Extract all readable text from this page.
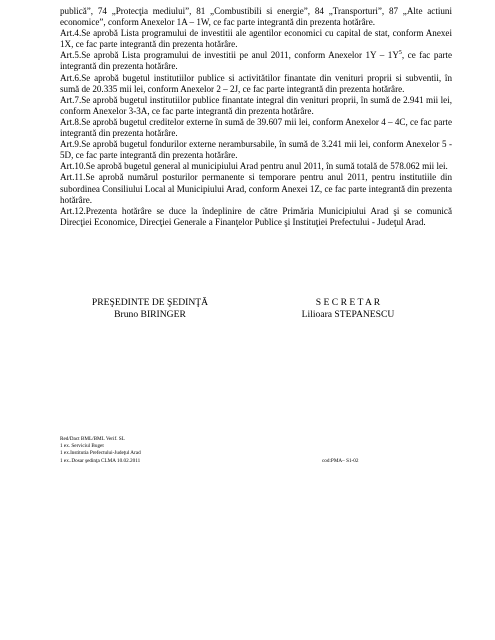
publică”, 74 „Protecţia mediului”, 81 „Combustibili si energie”, 84 „Transporturi”, 87 „Alte actiuni economice”, conform Anexelor 1A – 1W, ce fac parte integrantă din prezenta hotărâre.

Art.4.Se aprobă Lista programului de investitii ale agentilor economici cu capital de stat, conform Anexei 1X, ce fac parte integrantă din prezenta hotărâre.

Art.5.Se aprobă Lista programului de investitii pe anul 2011, conform Anexelor $1Y - 1Y^5$, ce fac parte integrantă din prezenta hotărâre.

Art.6.Se aprobă bugetul institutiilor publice si activitătilor finantate din venituri proprii si subventii, în sumă de 20.335 mii lei, conform Anexelor 2 – 2J, ce fac parte integrantă din prezenta hotărâre.

Art.7.Se aprobă bugetul institutiilor publice finantate integral din venituri proprii, în sumă de 2.941 mii lei, conform Anexelor 3-3A, ce fac parte integrantă din prezenta hotărâre.

Art.8.Se aprobă bugetul creditelor externe în sumă de 39.607 mii lei, conform Anexelor 4 – 4C, ce fac parte integrantă din prezenta hotărâre.

Art.9.Se aprobă bugetul fondurilor externe nerambursabile, în sumă de 3.241 mii lei, conform Anexelor 5 - 5D, ce fac parte integrantă din prezenta hotărâre.

Art.10.Se aprobă bugetul general al municipiului Arad pentru anul 2011, în sumă totală de 578.062 mii lei.

Art.11.Se aprobă numărul posturilor permanente si temporare pentru anul 2011, pentru institutiile din subordinea Consiliului Local al Municipiului Arad, conform Anexei 1Z, ce fac parte integrantă din prezenta hotărâre.

Art.12.Prezenta hotărâre se duce la îndeplinire de către Primăria Municipiului Arad şi se comunică Direcţiei Economice, Direcţiei Generale a Finanţelor Publice şi Instituţiei Prefectului - Judeţul Arad.

PREŞEDINTE DE ŞEDINŢĂ
Bruno BIRINGER
S E C R E T A R
Lilioara STEPANESCU
Red/Dact BML/BML Verif. SL
1 ex. Serviciul Buget
1 ex.Institutia Prefectului-Judeţul Arad
1 ex..Dosar şedinţa CLMA 10.02.2011	cod:PMA– S1-02
